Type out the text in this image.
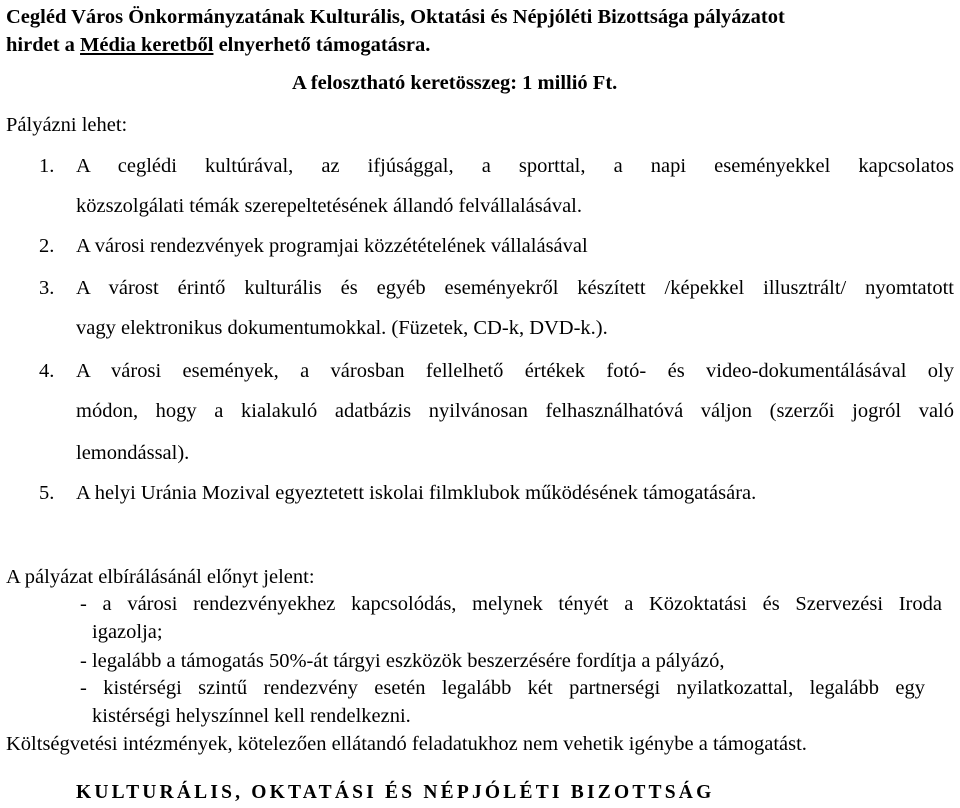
Cegléd Város Önkormányzatának Kulturális, Oktatási és Népjóléti Bizottsága pályázatot
hirdet a Média keretből elnyerhető támogatásra.
A felosztható keretösszeg: 1 millió Ft.
Pályázni lehet:
1. A ceglédi kultúrával, az ifjúsággal, a sporttal, a napi eseményekkel kapcsolatos
közszolgálati témák szerepeltetésének állandó felvállalásával.
2. A városi rendezvények programjai közzétételének vállalásával
3. A várost érintő kulturális és egyéb eseményekről készített /képekkel illusztrált/ nyomtatott
vagy elektronikus dokumentumokkal. (Füzetek, CD-k, DVD-k.).
4. A városi események, a városban fellelhető értékek fotó- és video-dokumentálásával oly
módon, hogy a kialakuló adatbázis nyilvánosan felhasználhatóvá váljon (szerzői jogról való
lemondással).
5. A helyi Uránia Mozival egyeztetett iskolai filmklubok működésének támogatására.
A pályázat elbírálásánál előnyt jelent:
- a városi rendezvényekhez kapcsolódás, melynek tényét a Közoktatási és Szervezési Iroda
igazolja;
- legalább a támogatás 50%-át tárgyi eszközök beszerzésére fordítja a pályázó,
- kistérségi szintű rendezvény esetén legalább két partnerségi nyilatkozattal, legalább egy
kistérségi helyszínnel kell rendelkezni.
Költségvetési intézmények, kötelezően ellátandó feladatukhoz nem vehetik igénybe a támogatást.
KULTURÁLIS, OKTATÁSI ÉS NÉPJÓLÉTI BIZOTTSÁG
